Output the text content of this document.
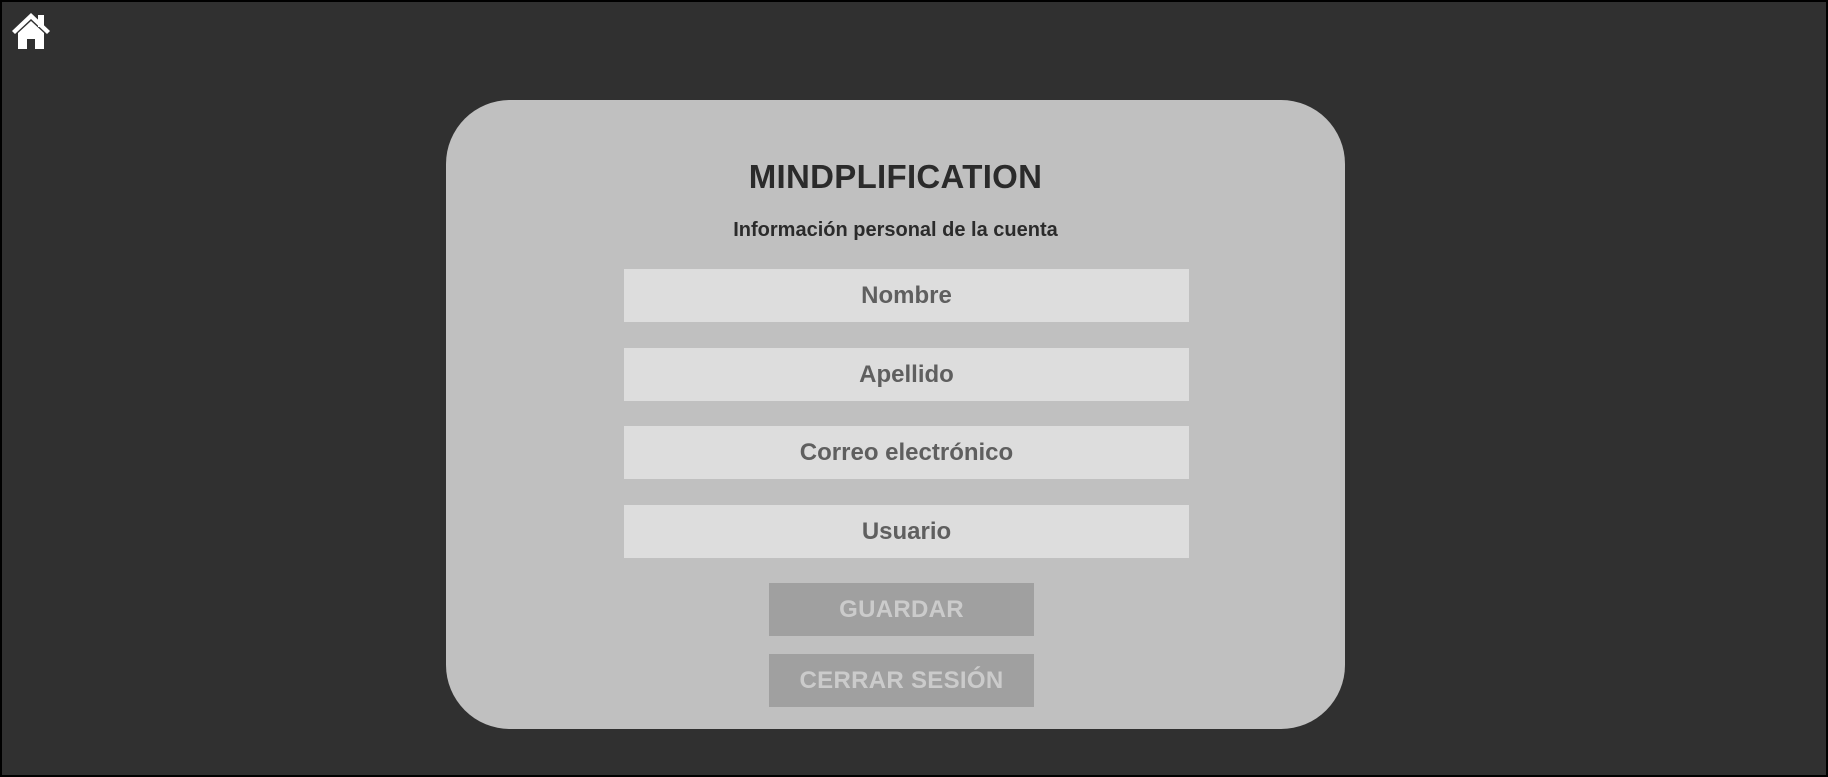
MINDPLIFICATION
Información personal de la cuenta
Nombre
Apellido
Correo electrónico
Usuario
GUARDAR
CERRAR SESIÓN
